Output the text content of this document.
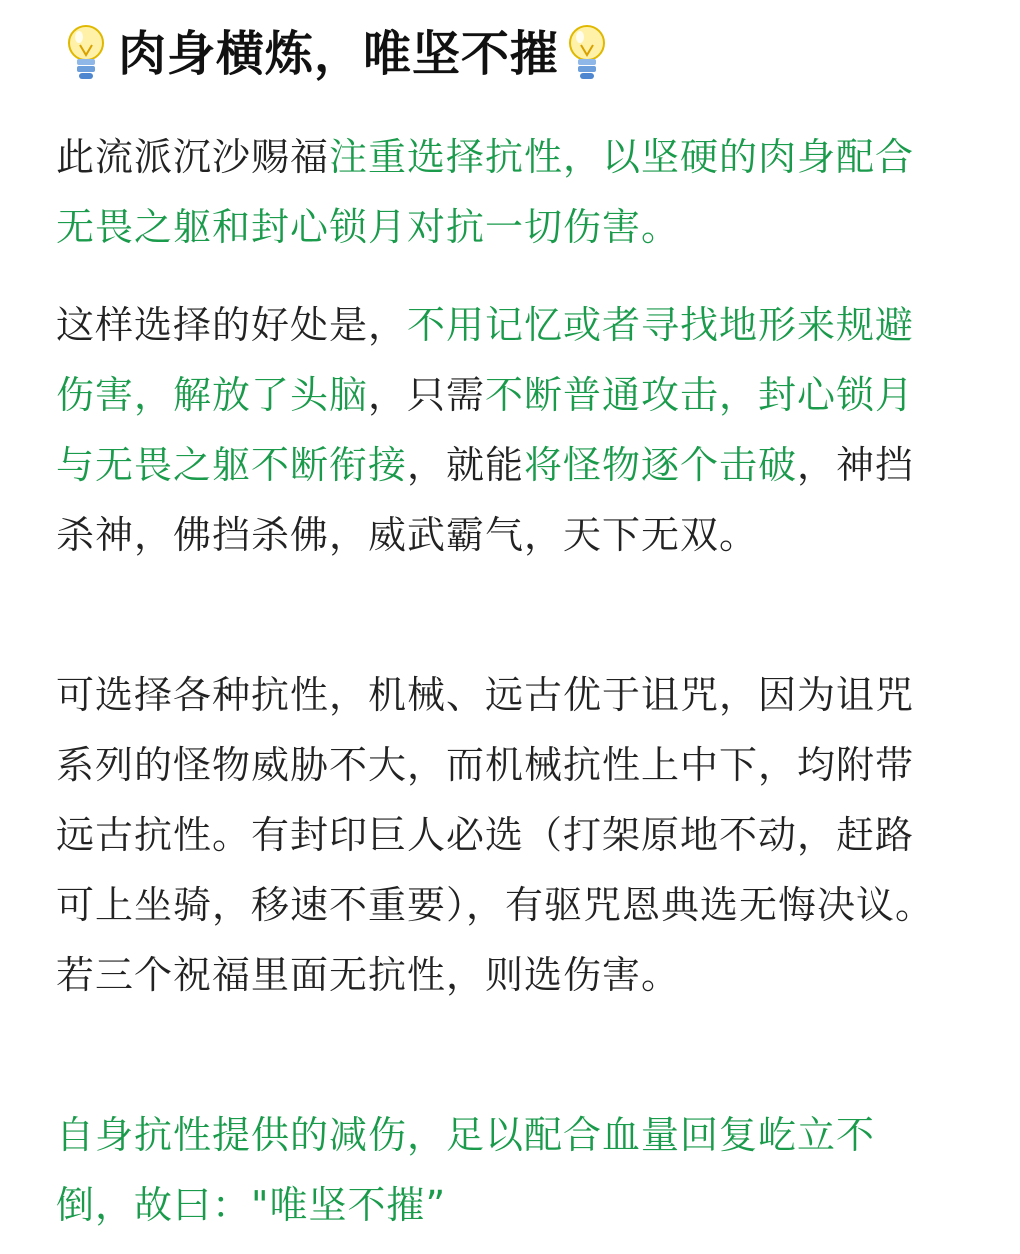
肉身横炼，唯坚不摧

此流派沉沙赐福注重选择抗性，以坚硬的肉身配合无畏之躯和封心锁月对抗一切伤害。

这样选择的好处是，不用记忆或者寻找地形来规避伤害，解放了头脑，只需不断普通攻击，封心锁月与无畏之躯不断衔接，就能将怪物逐个击破，神挡杀神，佛挡杀佛，威武霸气，天下无双。

可选择各种抗性，机械、远古优于诅咒，因为诅咒系列的怪物威胁不大，而机械抗性上中下，均附带远古抗性。有封印巨人必选（打架原地不动，赶路可上坐骑，移速不重要），有驱咒恩典选无悔决议。若三个祝福里面无抗性，则选伤害。

自身抗性提供的减伤，足以配合血量回复屹立不倒，故曰："唯坚不摧”
